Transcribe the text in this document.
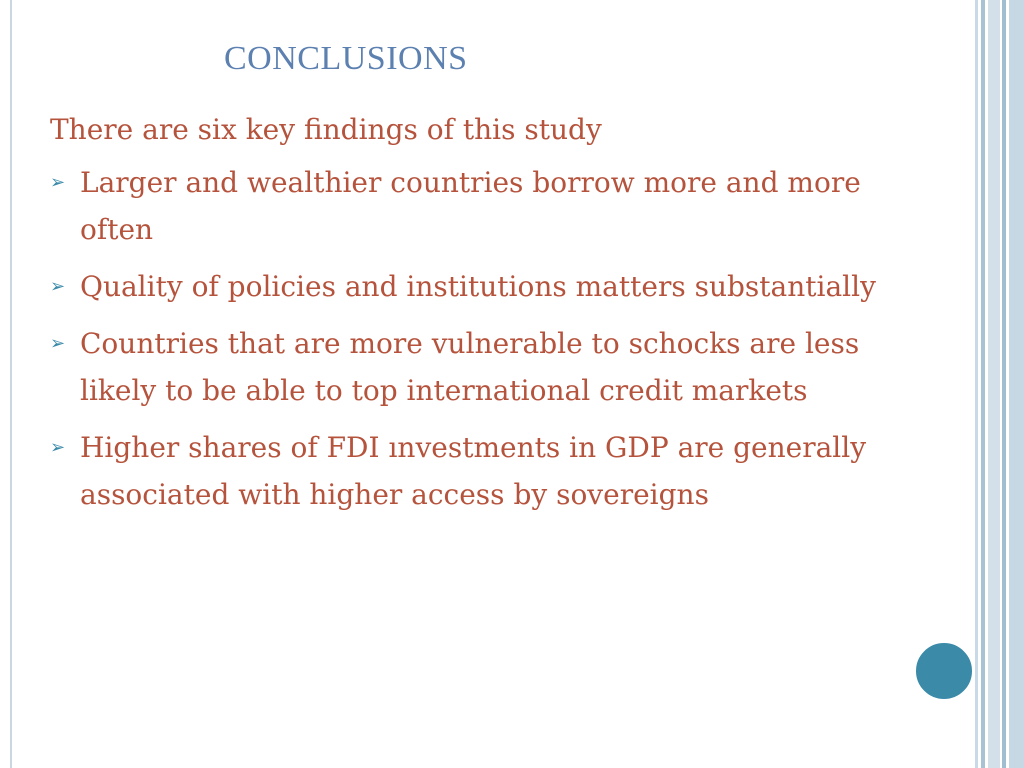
CONCLUSIONS

There are six key findings of this study

➢ Larger and wealthier countries borrow more and more often
➢ Quality of policies and institutions matters substantially
➢ Countries that are more vulnerable to schocks are less likely to be able to top international credit markets
➢ Higher shares of FDI ınvestments in GDP are generally associated with higher access by sovereigns
